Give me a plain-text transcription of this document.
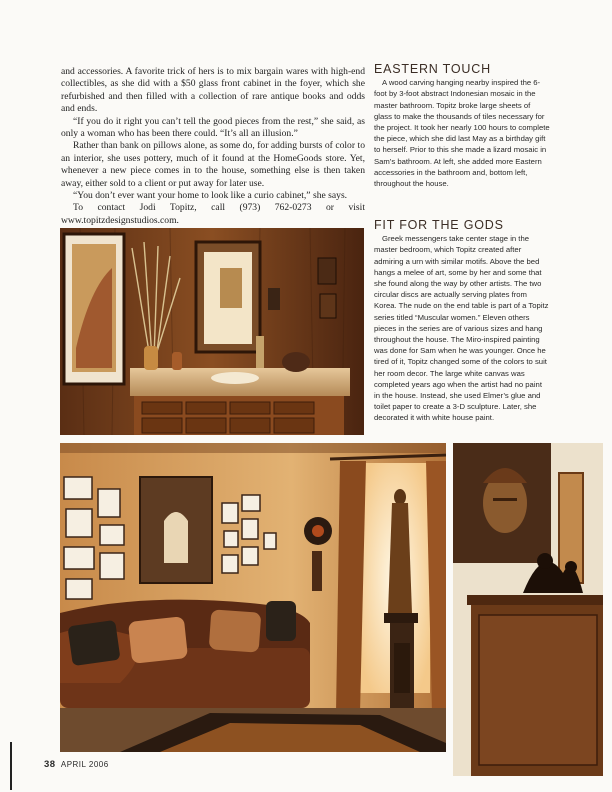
and accessories. A favorite trick of hers is to mix bargain wares with high-end collectibles, as she did with a $50 glass front cabinet in the foyer, which she refurbished and then filled with a collection of rare antique books and odds and ends.

“If you do it right you can’t tell the good pieces from the rest,” she said, as only a woman who has been there could. “It’s all an illusion.”

Rather than bank on pillows alone, as some do, for adding bursts of color to an interior, she uses pottery, much of it found at the HomeGoods store. Yet, whenever a new piece comes in to the house, something else is then taken away, either sold to a client or put away for later use.

“You don’t ever want your home to look like a curio cabinet,” she says.

To contact Jodi Topitz, call (973) 762-0273 or visit www.topitzdesignstudios.com.

EASTERN TOUCH

A wood carving hanging nearby inspired the 6-foot by 3-foot abstract Indonesian mosaic in the master bathroom. Topitz broke large sheets of glass to make the thousands of tiles necessary for the project. It took her nearly 100 hours to complete the piece, which she did last May as a birthday gift to herself. Prior to this she made a lizard mosaic in Sam’s bathroom. At left, she added more Eastern accessories in the bathroom and, bottom left, throughout the house.

FIT FOR THE GODS

Greek messengers take center stage in the master bedroom, which Topitz created after admiring a urn with similar motifs. Above the bed hangs a melee of art, some by her and some that she found along the way by other artists. The two circular discs are actually serving plates from Korea. The nude on the end table is part of a Topitz series titled “Muscular women.” Eleven others pieces in the series are of various sizes and hang throughout the house. The Miro-inspired painting was done for Sam when he was younger. Once he tired of it, Topitz changed some of the colors to suit her room decor. The large white canvas was completed years ago when the artist had no paint in the house. Instead, she used Elmer’s glue and toilet paper to create a 3-D sculpture. Later, she decorated it with white house paint.

38 APRIL 2006
